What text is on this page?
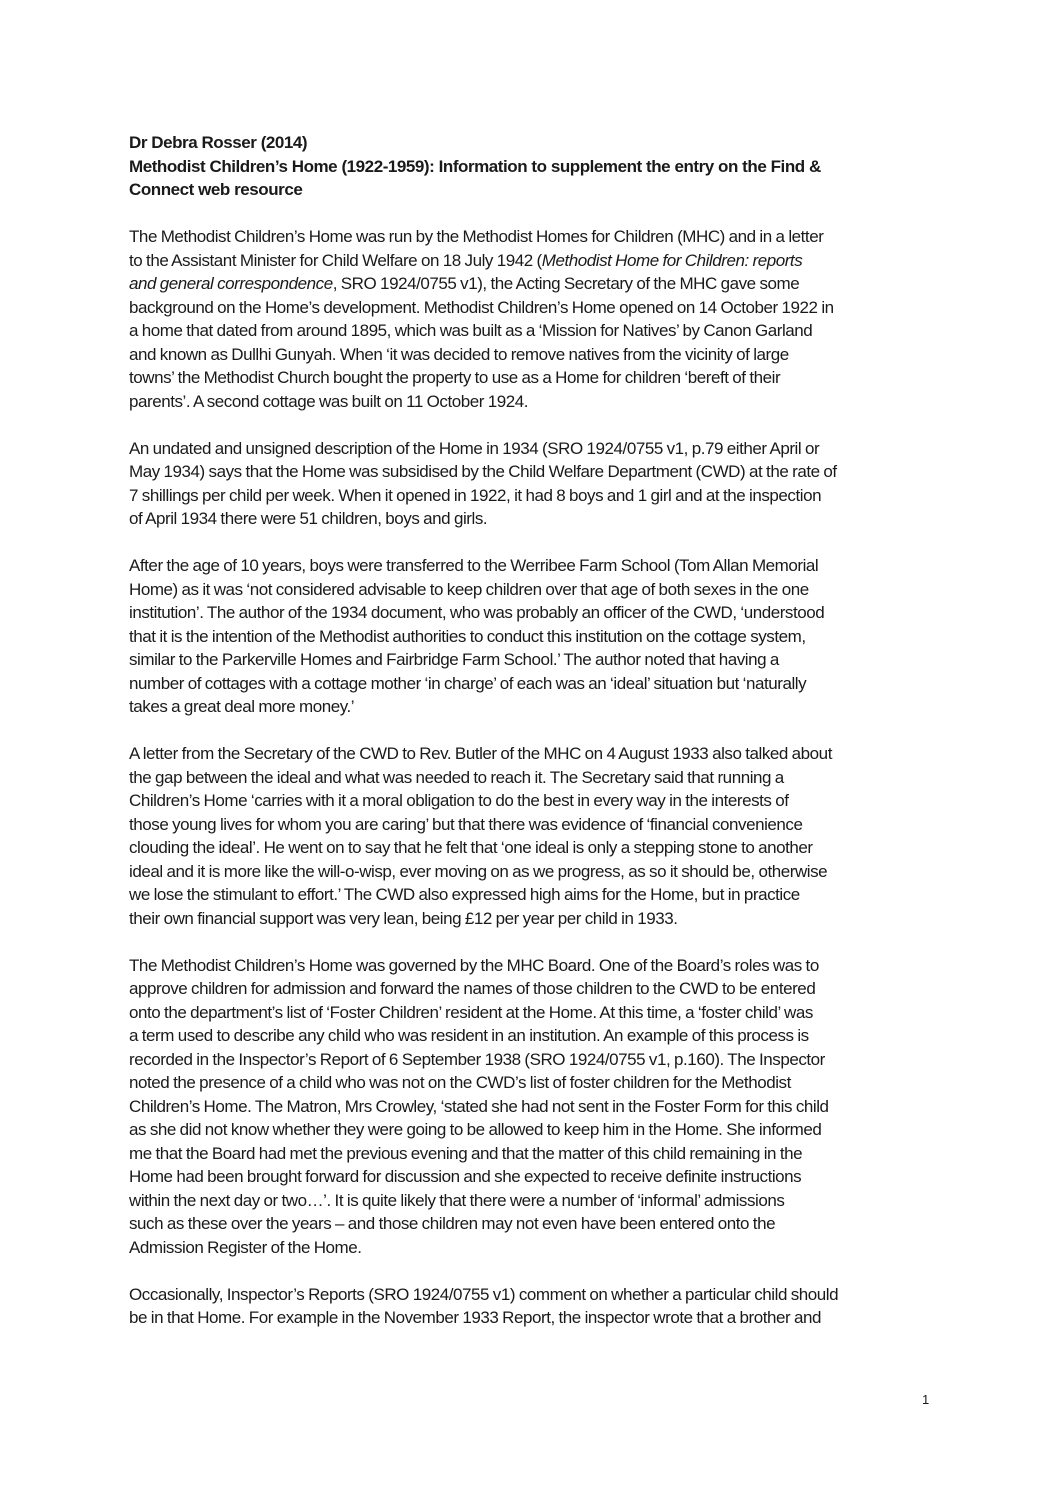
Dr Debra Rosser (2014)

Methodist Children’s Home (1922-1959): Information to supplement the entry on the Find &

Connect web resource

The Methodist Children’s Home was run by the Methodist Homes for Children (MHC) and in a letter
to the Assistant Minister for Child Welfare on 18 July 1942 (Methodist Home for Children: reports
and general correspondence, SRO 1924/0755 v1), the Acting Secretary of the MHC gave some
background on the Home’s development. Methodist Children’s Home opened on 14 October 1922 in
a home that dated from around 1895, which was built as a ‘Mission for Natives’ by Canon Garland
and known as Dullhi Gunyah. When ‘it was decided to remove natives from the vicinity of large
towns’ the Methodist Church bought the property to use as a Home for children ‘bereft of their
parents’. A second cottage was built on 11 October 1924.

An undated and unsigned description of the Home in 1934 (SRO 1924/0755 v1, p.79 either April or
May 1934) says that the Home was subsidised by the Child Welfare Department (CWD) at the rate of
7 shillings per child per week. When it opened in 1922, it had 8 boys and 1 girl and at the inspection
of April 1934 there were 51 children, boys and girls.

After the age of 10 years, boys were transferred to the Werribee Farm School (Tom Allan Memorial
Home) as it was ‘not considered advisable to keep children over that age of both sexes in the one
institution’. The author of the 1934 document, who was probably an officer of the CWD, ‘understood
that it is the intention of the Methodist authorities to conduct this institution on the cottage system,
similar to the Parkerville Homes and Fairbridge Farm School.’ The author noted that having a
number of cottages with a cottage mother ‘in charge’ of each was an ‘ideal’ situation but ‘naturally
takes a great deal more money.’

A letter from the Secretary of the CWD to Rev. Butler of the MHC on 4 August 1933 also talked about
the gap between the ideal and what was needed to reach it. The Secretary said that running a
Children’s Home ‘carries with it a moral obligation to do the best in every way in the interests of
those young lives for whom you are caring’ but that there was evidence of ‘financial convenience
clouding the ideal’. He went on to say that he felt that ‘one ideal is only a stepping stone to another
ideal and it is more like the will-o-wisp, ever moving on as we progress, as so it should be, otherwise
we lose the stimulant to effort.’ The CWD also expressed high aims for the Home, but in practice
their own financial support was very lean, being £12 per year per child in 1933.

The Methodist Children’s Home was governed by the MHC Board. One of the Board’s roles was to
approve children for admission and forward the names of those children to the CWD to be entered
onto the department’s list of ‘Foster Children’ resident at the Home. At this time, a ‘foster child’ was
a term used to describe any child who was resident in an institution. An example of this process is
recorded in the Inspector’s Report of 6 September 1938 (SRO 1924/0755 v1, p.160). The Inspector
noted the presence of a child who was not on the CWD’s list of foster children for the Methodist
Children’s Home. The Matron, Mrs Crowley, ‘stated she had not sent in the Foster Form for this child
as she did not know whether they were going to be allowed to keep him in the Home. She informed
me that the Board had met the previous evening and that the matter of this child remaining in the
Home had been brought forward for discussion and she expected to receive definite instructions
within the next day or two…’. It is quite likely that there were a number of ‘informal’ admissions
such as these over the years – and those children may not even have been entered onto the
Admission Register of the Home.

Occasionally, Inspector’s Reports (SRO 1924/0755 v1) comment on whether a particular child should
be in that Home. For example in the November 1933 Report, the inspector wrote that a brother and

1
